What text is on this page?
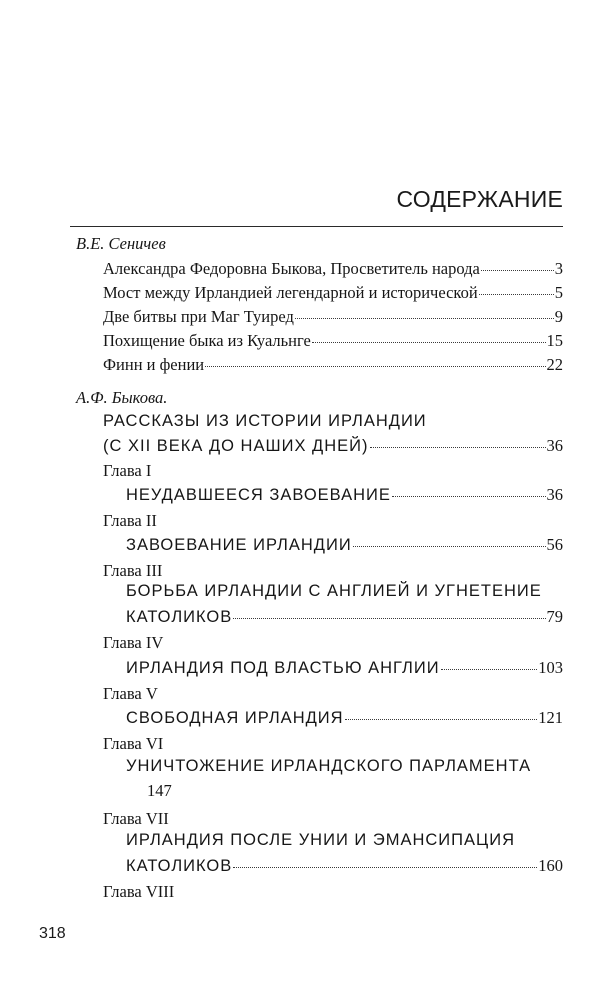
СОДЕРЖАНИЕ
В.Е. Сеничев
Александра Федоровна Быкова, Просветитель народа	3
Мост между Ирландией легендарной и исторической	5
Две битвы при Маг Туиред	9
Похищение быка из Куальнге	15
Финн и фении	22
А.Ф. Быкова.
РАССКАЗЫ ИЗ ИСТОРИИ ИРЛАНДИИ
(С XII ВЕКА ДО НАШИХ ДНЕЙ)	36
Глава I
НЕУДАВШЕЕСЯ ЗАВОЕВАНИЕ	36
Глава II
ЗАВОЕВАНИЕ ИРЛАНДИИ	56
Глава III
БОРЬБА ИРЛАНДИИ С АНГЛИЕЙ И УГНЕТЕНИЕ
КАТОЛИКОВ	79
Глава IV
ИРЛАНДИЯ ПОД ВЛАСТЬЮ АНГЛИИ	103
Глава V
СВОБОДНАЯ ИРЛАНДИЯ	121
Глава VI
УНИЧТОЖЕНИЕ ИРЛАНДСКОГО ПАРЛАМЕНТА
147
Глава VII
ИРЛАНДИЯ ПОСЛЕ УНИИ И ЭМАНСИПАЦИЯ
КАТОЛИКОВ	160
Глава VIII
318
